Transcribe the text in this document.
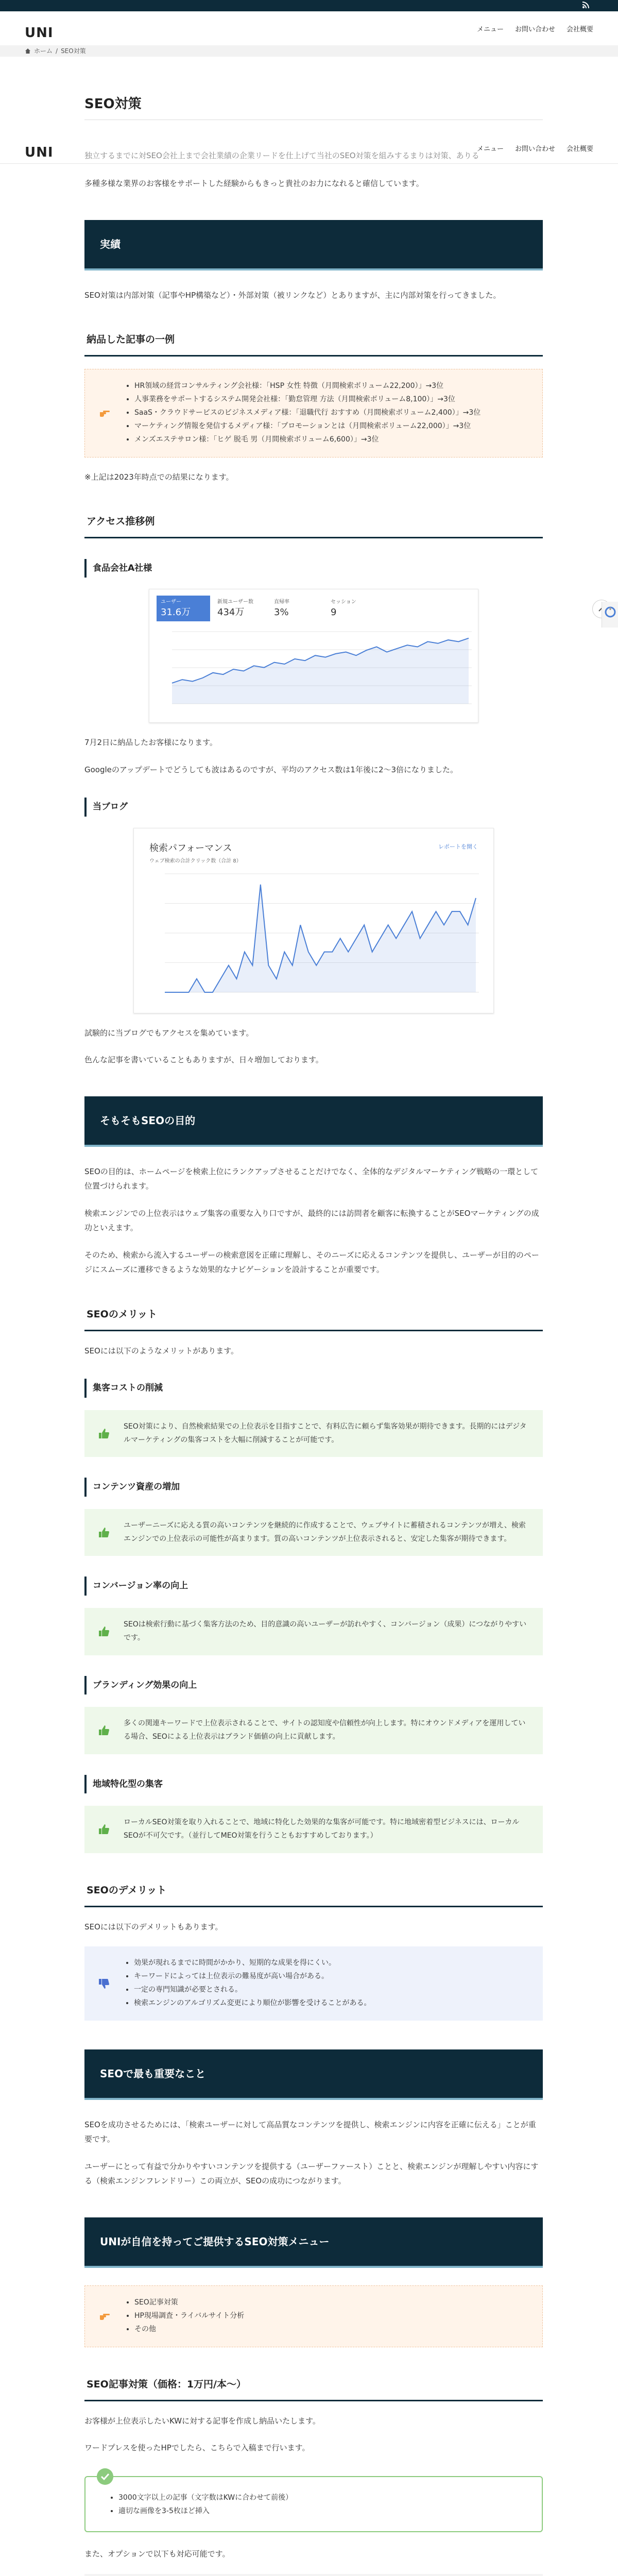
UNI	メニュー お問い合わせ 会社概要
ホーム / SEO対策
SEO対策
UNI	独立するまでに対SEO会社上まで会社業績の企業リードを仕上げて当社のSEO対策を組みするまりは対策、ありる
メニュー お問い合わせ 会社概要

多種多様な業界のお客様をサポートした経験からもきっと貴社のお力になれると確信しています。

実績

SEO対策は内部対策（記事やHP構築など）・外部対策（被リンクなど）とありますが、主に内部対策を行ってきました。

納品した記事の一例
• HR領域の経営コンサルティング会社様：「HSP 女性 特徴（月間検索ボリューム22,200）」→3位
• 人事業務をサポートするシステム開発会社様：「勤怠管理 方法（月間検索ボリューム8,100）」→3位
• SaaS・クラウドサービスのビジネスメディア様：「退職代行 おすすめ（月間検索ボリューム2,400）」→3位
• マーケティング情報を発信するメディア様：「プロモーションとは（月間検索ボリューム22,000）」→3位
• メンズエステサロン様：「ヒゲ 脱毛 男（月間検索ボリューム6,600）」→3位

※上記は2023年時点での結果になります。

アクセス推移例
食品会社A社様
ユーザー
31.6万
新規ユーザー数
434万
直帰率
3%
セッション
9

7月2日に納品したお客様になります。

Googleのアップデートでどうしても波はあるのですが、平均のアクセス数は1年後に2～3倍になりました。

当ブログ
検索パフォーマンス	レポートを開く
ウェブ検索の合計クリック数（合計 8）

試験的に当ブログでもアクセスを集めています。

色んな記事を書いていることもありますが、日々増加しております。

そもそもSEOの目的

SEOの目的は、ホームページを検索上位にランクアップさせることだけでなく、全体的なデジタルマーケティング戦略の一環として位置づけられます。

検索エンジンでの上位表示はウェブ集客の重要な入り口ですが、最終的には訪問者を顧客に転換することがSEOマーケティングの成功といえます。

そのため、検索から流入するユーザーの検索意図を正確に理解し、そのニーズに応えるコンテンツを提供し、ユーザーが目的のページにスムーズに遷移できるような効果的なナビゲーションを設計することが重要です。

SEOのメリット

SEOには以下のようなメリットがあります。

集客コストの削減
SEO対策により、自然検索結果での上位表示を目指すことで、有料広告に頼らず集客効果が期待できます。長期的にはデジタルマーケティングの集客コストを大幅に削減することが可能です。
コンテンツ資産の増加
ユーザーニーズに応える質の高いコンテンツを継続的に作成することで、ウェブサイトに蓄積されるコンテンツが増え、検索エンジンでの上位表示の可能性が高まります。質の高いコンテンツが上位表示されると、安定した集客が期待できます。
コンバージョン率の向上
SEOは検索行動に基づく集客方法のため、目的意識の高いユーザーが訪れやすく、コンバージョン（成果）につながりやすいです。
ブランディング効果の向上
多くの関連キーワードで上位表示されることで、サイトの認知度や信頼性が向上します。特にオウンドメディアを運用している場合、SEOによる上位表示はブランド価値の向上に貢献します。
地域特化型の集客
ローカルSEO対策を取り入れることで、地域に特化した効果的な集客が可能です。特に地域密着型ビジネスには、ローカルSEOが不可欠です。（並行してMEO対策を行うこともおすすめしております。）
SEOのデメリット

SEOには以下のデメリットもあります。

• 効果が現れるまでに時間がかかり、短期的な成果を得にくい。
• キーワードによっては上位表示の難易度が高い場合がある。
• 一定の専門知識が必要とされる。
• 検索エンジンのアルゴリズム変更により順位が影響を受けることがある。
SEOで最も重要なこと

SEOを成功させるためには、「検索ユーザーに対して高品質なコンテンツを提供し、検索エンジンに内容を正確に伝える」ことが重要です。

ユーザーにとって有益で分かりやすいコンテンツを提供する（ユーザーファースト）ことと、検索エンジンが理解しやすい内容にする（検索エンジンフレンドリー）この両立が、SEOの成功につながります。

UNIが自信を持ってご提供するSEO対策メニュー
• SEO記事対策
• HP現場調査・ライバルサイト分析
• その他
SEO記事対策（価格：1万円/本〜）

お客様が上位表示したいKWに対する記事を作成し納品いたします。

ワードプレスを使ったHPでしたら、こちらで入稿まで行います。

• 3000文字以上の記事（文字数はKWに合わせて前後）
• 適切な画像を3-5枚ほど挿入

また、オプションで以下も対応可能です。
